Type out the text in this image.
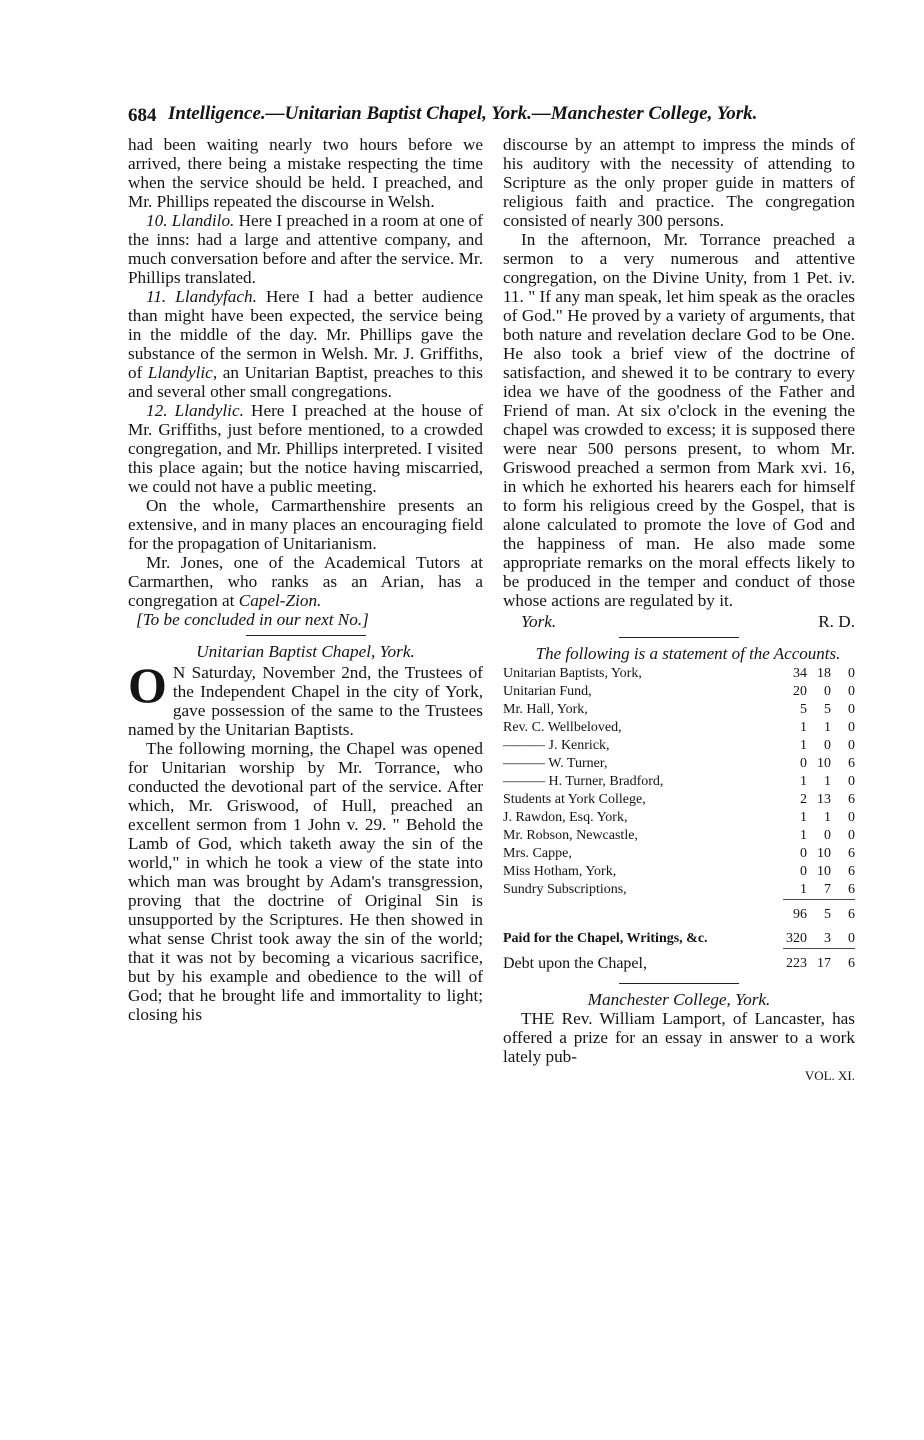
684 Intelligence.—Unitarian Baptist Chapel, York.—Manchester College, York.

had been waiting nearly two hours before we arrived, there being a mistake respecting the time when the service should be held. I preached, and Mr. Phillips repeated the discourse in Welsh.

10. Llandilo. Here I preached in a room at one of the inns: had a large and attentive company, and much conversation before and after the service. Mr. Phillips translated.

11. Llandyfach. Here I had a better audience than might have been expected, the service being in the middle of the day. Mr. Phillips gave the substance of the sermon in Welsh. Mr. J. Griffiths, of Llandylic, an Unitarian Baptist, preaches to this and several other small congregations.

12. Llandylic. Here I preached at the house of Mr. Griffiths, just before mentioned, to a crowded congregation, and Mr. Phillips interpreted. I visited this place again; but the notice having miscarried, we could not have a public meeting.

On the whole, Carmarthenshire presents an extensive, and in many places an encouraging field for the propagation of Unitarianism.

Mr. Jones, one of the Academical Tutors at Carmarthen, who ranks as an Arian, has a congregation at Capel-Zion.

[To be concluded in our next No.]

Unitarian Baptist Chapel, York.

O N Saturday, November 2nd, the Trustees of the Independent Chapel in the city of York, gave possession of the same to the Trustees named by the Unitarian Baptists.

The following morning, the Chapel was opened for Unitarian worship by Mr. Torrance, who conducted the devotional part of the service. After which, Mr. Griswood, of Hull, preached an excellent sermon from 1 John v. 29. " Behold the Lamb of God, which taketh away the sin of the world," in which he took a view of the state into which man was brought by Adam's transgression, proving that the doctrine of Original Sin is unsupported by the Scriptures. He then showed in what sense Christ took away the sin of the world; that it was not by becoming a vicarious sacrifice, but by his example and obedience to the will of God; that he brought life and immortality to light; closing his

discourse by an attempt to impress the minds of his auditory with the necessity of attending to Scripture as the only proper guide in matters of religious faith and practice. The congregation consisted of nearly 300 persons.

In the afternoon, Mr. Torrance preached a sermon to a very numerous and attentive congregation, on the Divine Unity, from 1 Pet. iv. 11. " If any man speak, let him speak as the oracles of God." He proved by a variety of arguments, that both nature and revelation declare God to be One. He also took a brief view of the doctrine of satisfaction, and shewed it to be contrary to every idea we have of the goodness of the Father and Friend of man. At six o'clock in the evening the chapel was crowded to excess; it is supposed there were near 500 persons present, to whom Mr. Griswood preached a sermon from Mark xvi. 16, in which he exhorted his hearers each for himself to form his religious creed by the Gospel, that is alone calculated to promote the love of God and the happiness of man. He also made some appropriate remarks on the moral effects likely to be produced in the temper and conduct of those whose actions are regulated by it.

York.	R. D.

The following is a statement of the Accounts.

Unitarian Baptists, York,	34	18	0
Unitarian Fund,	20	0	0
Mr. Hall, York,	5	5	0
Rev. C. Wellbeloved,	1	1	0
——— J. Kenrick,	1	0	0
——— W. Turner,	0	10	6
——— H. Turner, Bradford,	1	1	0
Students at York College,	2	13	6
J. Rawdon, Esq. York,	1	1	0
Mr. Robson, Newcastle,	1	0	0
Mrs. Cappe,	0	10	6
Miss Hotham, York,	0	10	6
Sundry Subscriptions,	1	7	6
	96	5	6
Paid for the Chapel, Writings, &c.	320	3	0
Debt upon the Chapel,	223	17	6

Manchester College, York.

THE Rev. William Lamport, of Lancaster, has offered a prize for an essay in answer to a work lately pub-

VOL. XI.
